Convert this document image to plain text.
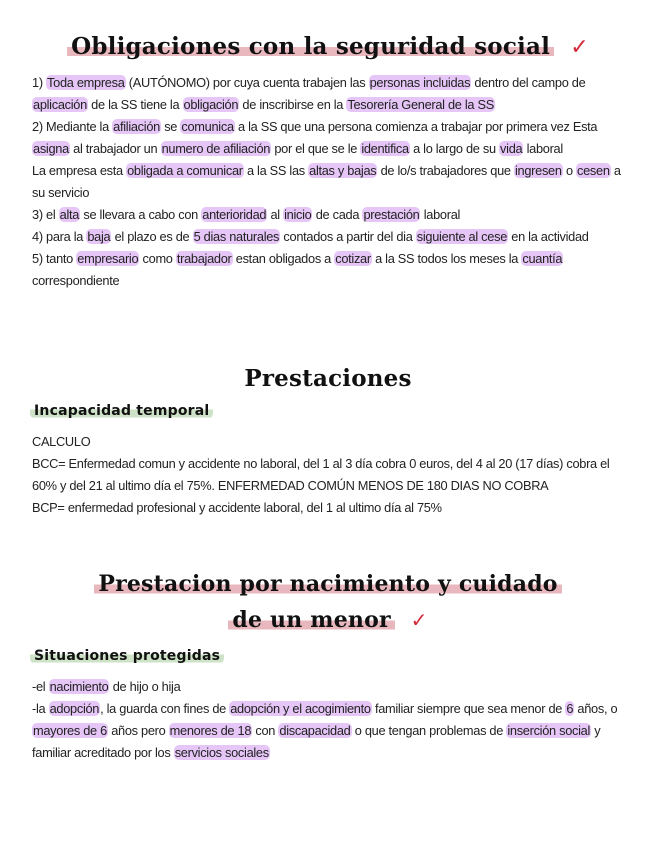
Obligaciones con la seguridad social ✓

1) Toda empresa (AUTÓNOMO) por cuya cuenta trabajen las personas incluidas dentro del campo de aplicación de la SS tiene la obligación de inscribirse en la Tesorería General de la SS

2) Mediante la afiliación se comunica a la SS que una persona comienza a trabajar por primera vez Esta asigna al trabajador un numero de afiliación por el que se le identifica a lo largo de su vida laboral

La empresa esta obligada a comunicar a la SS las altas y bajas de lo/s trabajadores que ingresen o cesen a su servicio

3) el alta se llevara a cabo con anterioridad al inicio de cada prestación laboral

4) para la baja el plazo es de 5 dias naturales contados a partir del dia siguiente al cese en la actividad

5) tanto empresario como trabajador estan obligados a cotizar a la SS todos los meses la cuantía correspondiente

Prestaciones
Incapacidad temporal

CALCULO

BCC= Enfermedad comun y accidente no laboral, del 1 al 3 día cobra 0 euros, del 4 al 20 (17 días) cobra el 60% y del 21 al ultimo día el 75%. ENFERMEDAD COMÚN MENOS DE 180 DIAS NO COBRA

BCP= enfermedad profesional y accidente laboral, del 1 al ultimo día al 75%

Prestacion por nacimiento y cuidado
de un menor ✓
Situaciones protegidas

-el nacimiento de hijo o hija

-la adopción, la guarda con fines de adopción y el acogimiento familiar siempre que sea menor de 6 años, o mayores de 6 años pero menores de 18 con discapacidad o que tengan problemas de inserción social y familiar acreditado por los servicios sociales
